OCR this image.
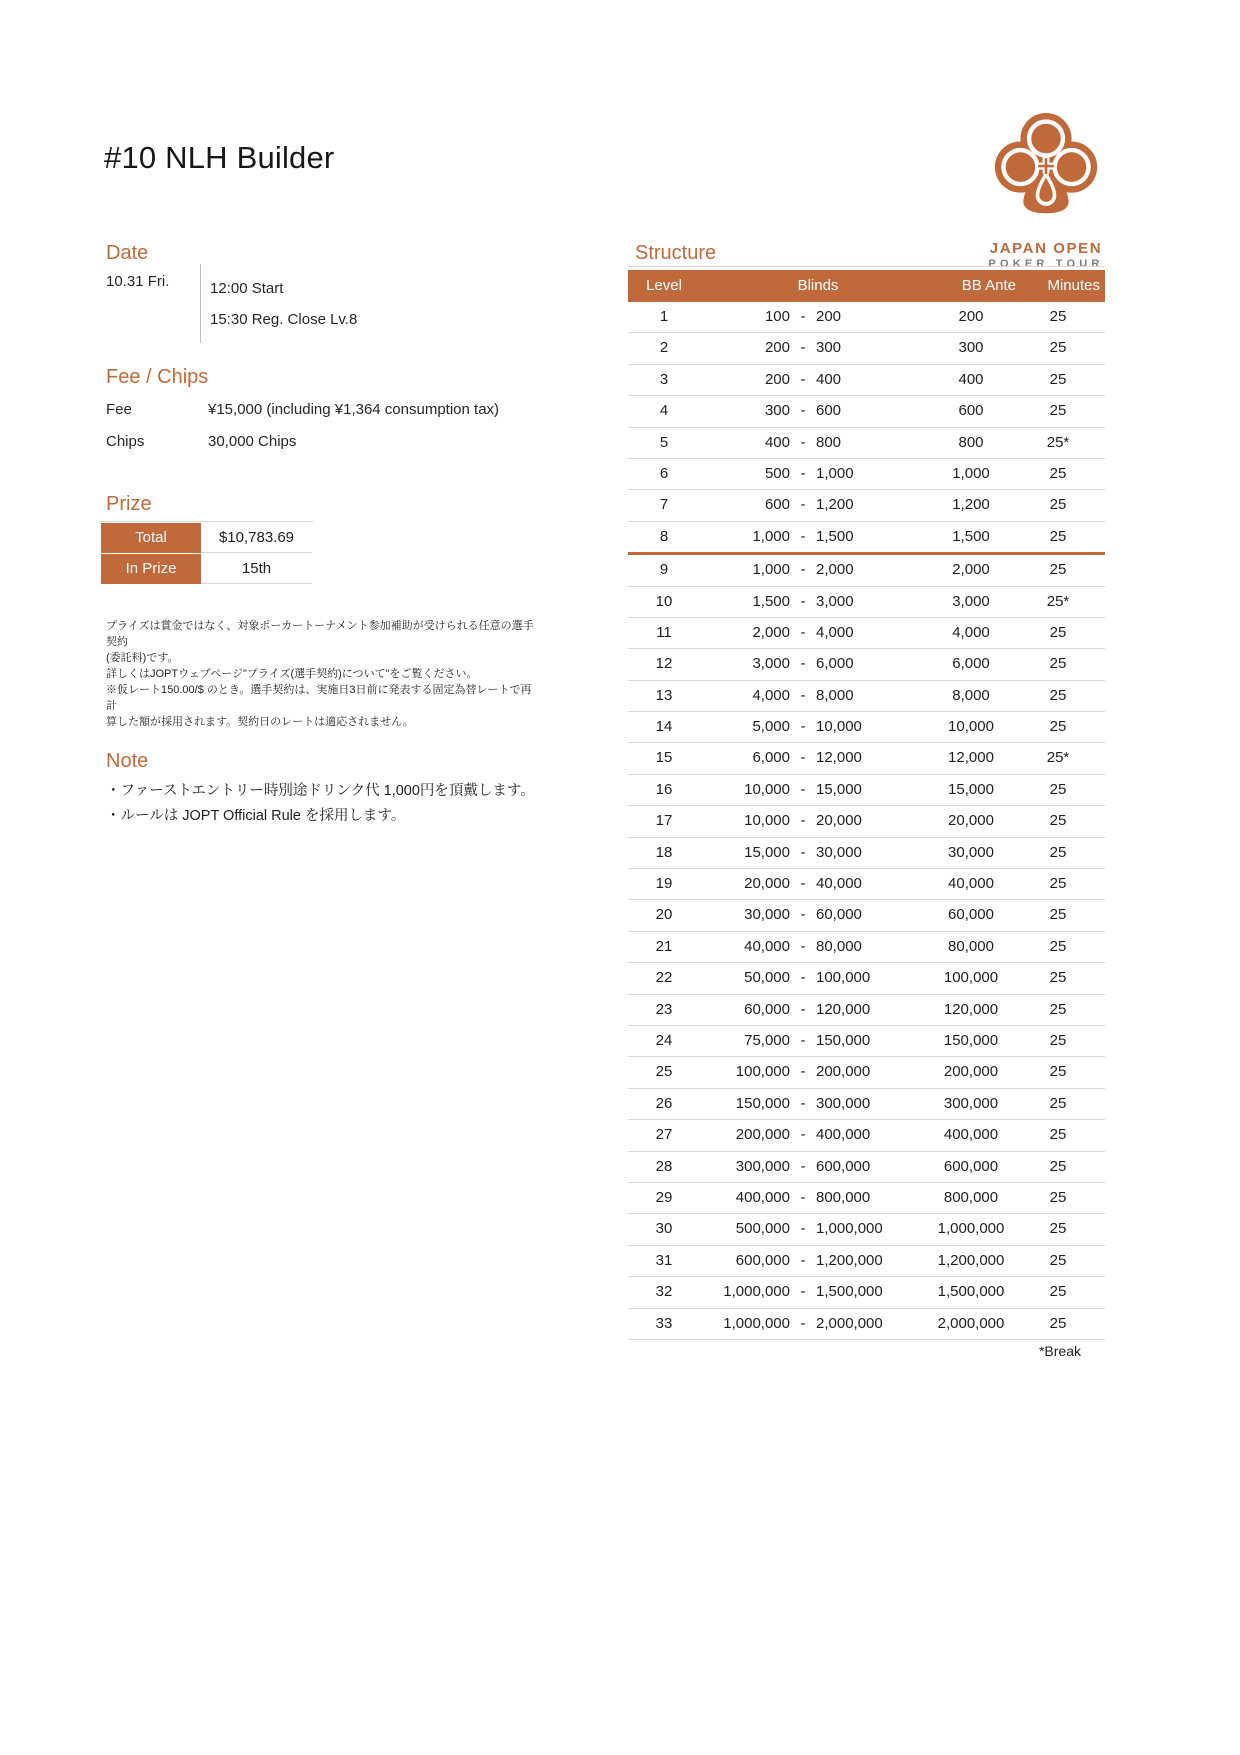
#10 NLH Builder
JAPAN OPEN
POKER TOUR
Date
10.31 Fri.	12:00 Start
15:30 Reg. Close Lv.8
Fee / Chips
Fee	¥15,000 (including ¥1,364 consumption tax)
Chips	30,000 Chips
Prize
Total	$10,783.69
In Prize	15th
プライズは賞金ではなく、対象ポーカートーナメント参加補助が受けられる任意の選手契約
(委託料)です。
詳しくはJOPTウェブページ"プライズ(選手契約)について"をご覧ください。
※仮レート150.00/$ のとき。選手契約は、実施日3日前に発表する固定為替レートで再計
算した額が採用されます。契約日のレートは適応されません。
Note
・ファーストエントリー時別途ドリンク代 1,000円を頂戴します。
・ルールは JOPT Official Rule を採用します。
Structure
Level	Blinds	BB Ante	Minutes
1	100 - 200	200	25
2	200 - 300	300	25
3	200 - 400	400	25
4	300 - 600	600	25
5	400 - 800	800	25*
6	500 - 1,000	1,000	25
7	600 - 1,200	1,200	25
8	1,000 - 1,500	1,500	25
9	1,000 - 2,000	2,000	25
10	1,500 - 3,000	3,000	25*
11	2,000 - 4,000	4,000	25
12	3,000 - 6,000	6,000	25
13	4,000 - 8,000	8,000	25
14	5,000 - 10,000	10,000	25
15	6,000 - 12,000	12,000	25*
16	10,000 - 15,000	15,000	25
17	10,000 - 20,000	20,000	25
18	15,000 - 30,000	30,000	25
19	20,000 - 40,000	40,000	25
20	30,000 - 60,000	60,000	25
21	40,000 - 80,000	80,000	25
22	50,000 - 100,000	100,000	25
23	60,000 - 120,000	120,000	25
24	75,000 - 150,000	150,000	25
25	100,000 - 200,000	200,000	25
26	150,000 - 300,000	300,000	25
27	200,000 - 400,000	400,000	25
28	300,000 - 600,000	600,000	25
29	400,000 - 800,000	800,000	25
30	500,000 - 1,000,000	1,000,000	25
31	600,000 - 1,200,000	1,200,000	25
32	1,000,000 - 1,500,000	1,500,000	25
33	1,000,000 - 2,000,000	2,000,000	25
*Break
